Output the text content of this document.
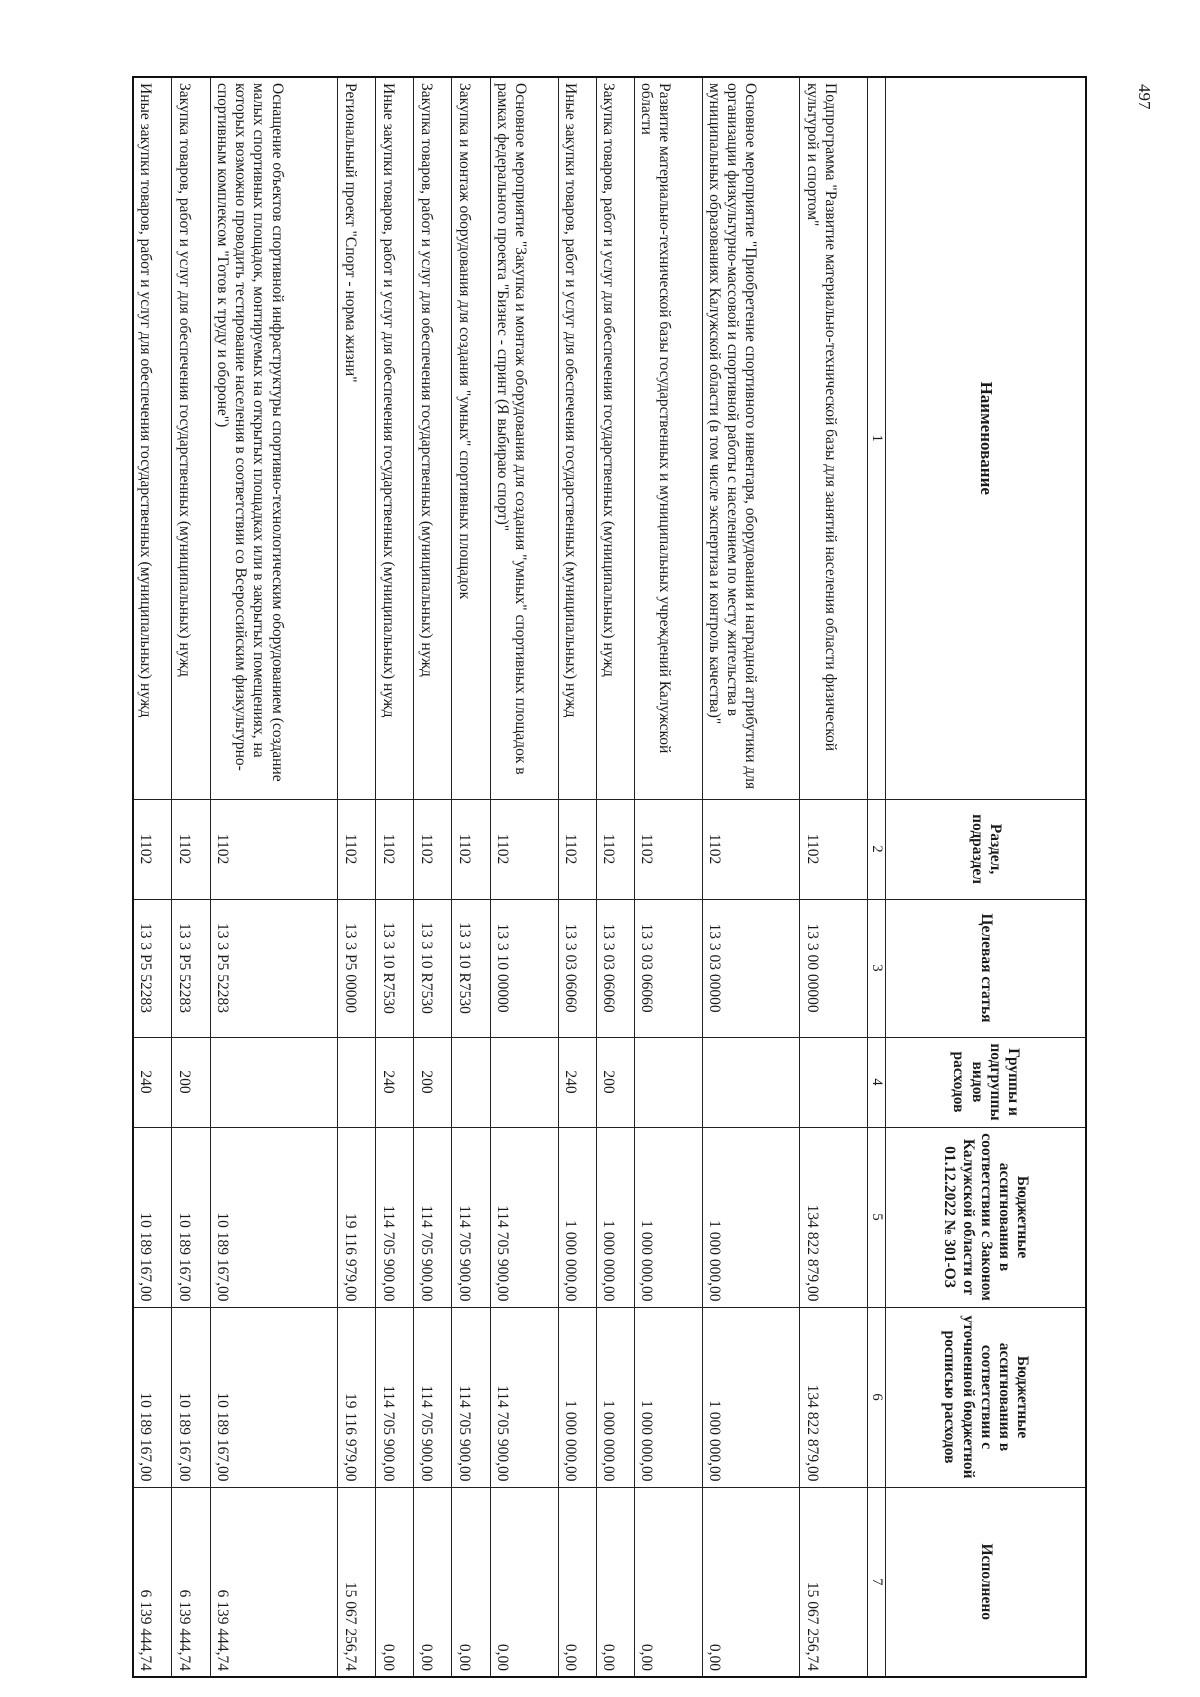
497
Наименование	Раздел, подраздел	Целевая статья	Группы и подгруппы видов расходов	Бюджетные ассигнования в соответствии с Законом Калужской области от 01.12.2022 № 301-ОЗ	Бюджетные ассигнования в соответствии с уточненной бюджетной росписью расходов	Исполнено
1	2	3	4	5	6	7
Подпрограмма "Развитие материально-технической базы для занятий населения области физической культурой и спортом"	1102	13 3 00 00000		134 822 879,00	134 822 879,00	15 067 256,74
Основное мероприятие "Приобретение спортивного инвентаря, оборудования и наградной атрибутики для организации физкультурно-массовой и спортивной работы с населением по месту жительства в муниципальных образованиях Калужской области (в том числе экспертиза и контроль качества)"	1102	13 3 03 00000		1 000 000,00	1 000 000,00	0,00
Развитие материально-технической базы государственных и муниципальных учреждений Калужской области	1102	13 3 03 06060		1 000 000,00	1 000 000,00	0,00
Закупка товаров, работ и услуг для обеспечения государственных (муниципальных) нужд	1102	13 3 03 06060	200	1 000 000,00	1 000 000,00	0,00
Иные закупки товаров, работ и услуг для обеспечения государственных (муниципальных) нужд	1102	13 3 03 06060	240	1 000 000,00	1 000 000,00	0,00
Основное мероприятие "Закупка и монтаж оборудования для создания "умных" спортивных площадок в рамках федерального проекта "Бизнес - спринт (Я выбираю спорт)"	1102	13 3 10 00000		114 705 900,00	114 705 900,00	0,00
Закупка и монтаж оборудования для создания "умных" спортивных площадок	1102	13 3 10 R7530		114 705 900,00	114 705 900,00	0,00
Закупка товаров, работ и услуг для обеспечения государственных (муниципальных) нужд	1102	13 3 10 R7530	200	114 705 900,00	114 705 900,00	0,00
Иные закупки товаров, работ и услуг для обеспечения государственных (муниципальных) нужд	1102	13 3 10 R7530	240	114 705 900,00	114 705 900,00	0,00
Региональный проект "Спорт - норма жизни"	1102	13 3 P5 00000		19 116 979,00	19 116 979,00	15 067 256,74
Оснащение объектов спортивной инфраструктуры спортивно-технологическим оборудованием (создание малых спортивных площадок, монтируемых на открытых площадках или в закрытых помещениях, на которых возможно проводить тестирование населения в соответствии со Всероссийским физкультурно-спортивным комплексом "Готов к труду и обороне")	1102	13 3 P5 52283		10 189 167,00	10 189 167,00	6 139 444,74
Закупка товаров, работ и услуг для обеспечения государственных (муниципальных) нужд	1102	13 3 P5 52283	200	10 189 167,00	10 189 167,00	6 139 444,74
Иные закупки товаров, работ и услуг для обеспечения государственных (муниципальных) нужд	1102	13 3 P5 52283	240	10 189 167,00	10 189 167,00	6 139 444,74
